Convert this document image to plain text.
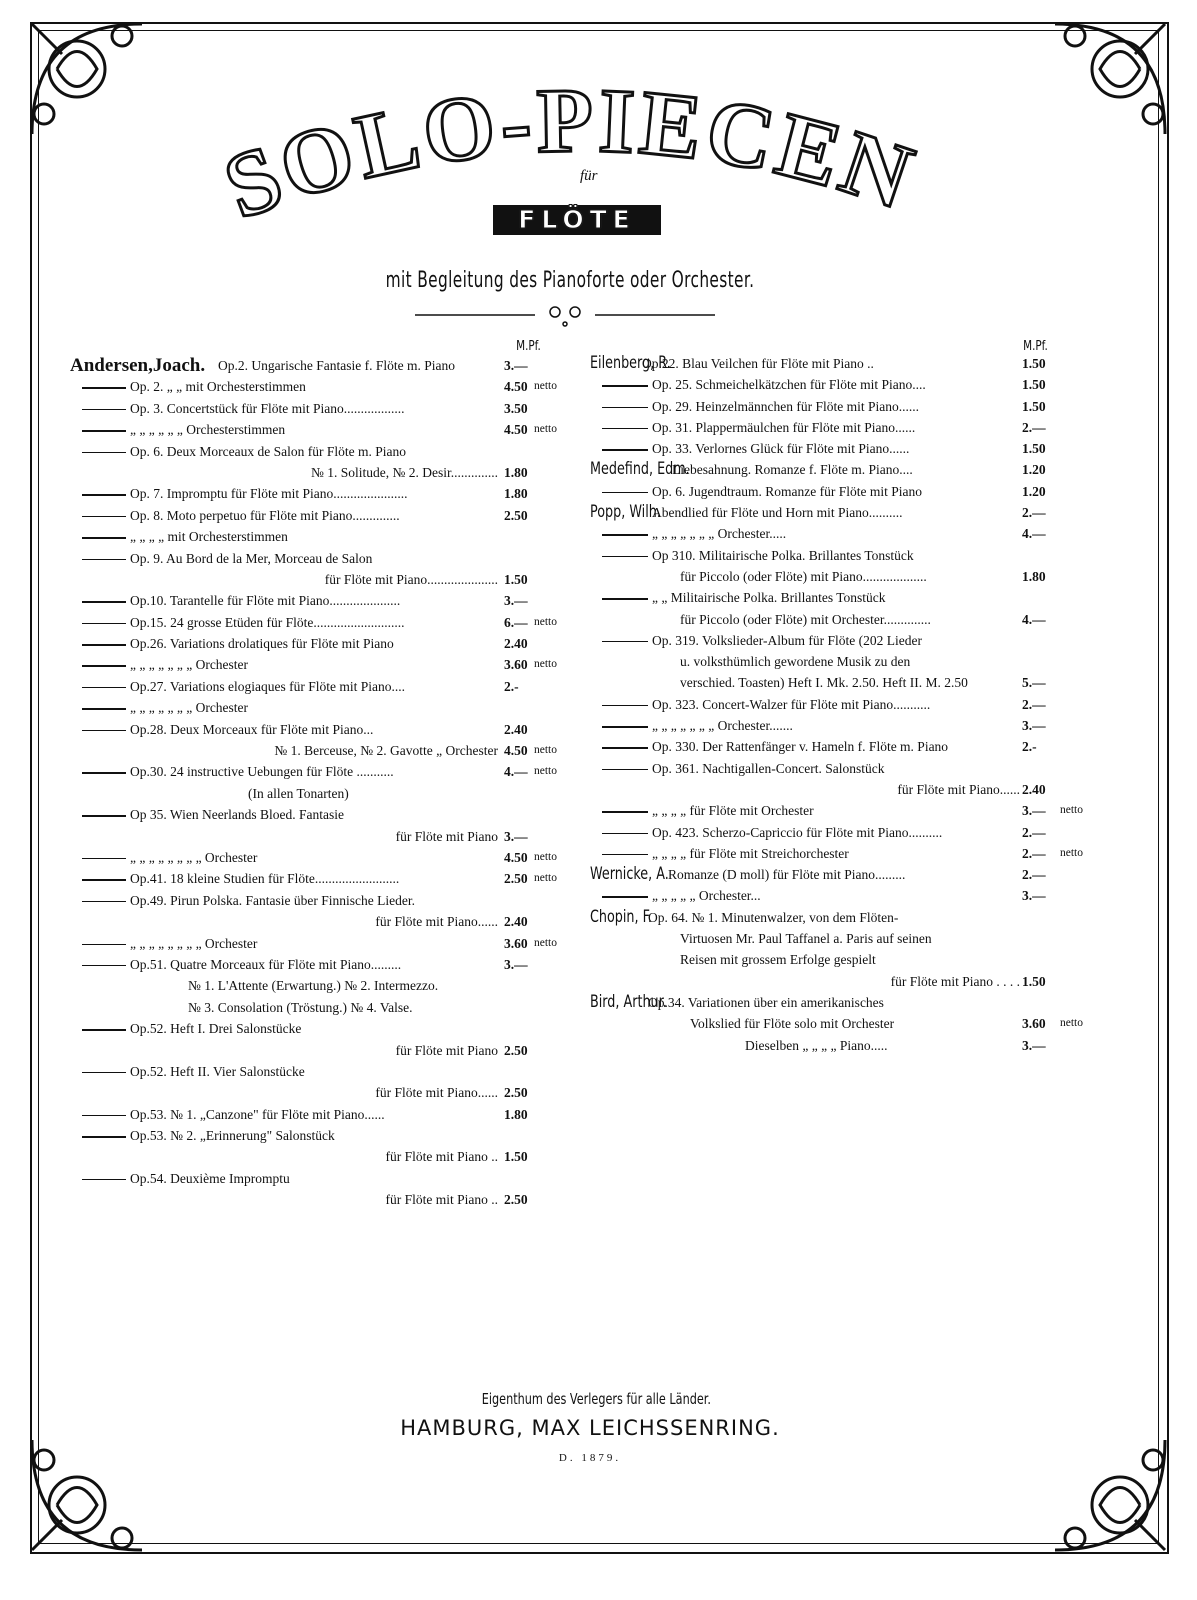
SOLO-PIECEN
für
FLÖTE
mit Begleitung des Pianoforte oder Orchester.
M.Pf.
Andersen,Joach. Op.2. Ungarische Fantasie f. Flöte m. Piano	3.—
Op. 2. „ „ mit Orchesterstimmen	4.50 netto
Op. 3. Concertstück für Flöte mit Piano..................	3.50
„ „ „ „ „ „ Orchesterstimmen	4.50 netto
Op. 6. Deux Morceaux de Salon für Flöte m. Piano
№ 1. Solitude, № 2. Desir.............. 1.80
Op. 7. Impromptu für Flöte mit Piano......................	1.80
Op. 8. Moto perpetuo für Flöte mit Piano..............	2.50
„ „ „ „ mit Orchesterstimmen
Op. 9. Au Bord de la Mer, Morceau de Salon
für Flöte mit Piano..................... 1.50
Op.10. Tarantelle für Flöte mit Piano.....................	3.—
Op.15. 24 grosse Etüden für Flöte...........................	6.— netto
Op.26. Variations drolatiques für Flöte mit Piano	2.40
„ „ „ „ „ „ „ Orchester	3.60 netto
Op.27. Variations elogiaques für Flöte mit Piano....	2.-
„ „ „ „ „ „ „ Orchester
Op.28. Deux Morceaux für Flöte mit Piano...	2.40
№ 1. Berceuse, № 2. Gavotte „ Orchester 4.50 netto
Op.30. 24 instructive Uebungen für Flöte ...........	4.— netto
(In allen Tonarten)
Op 35. Wien Neerlands Bloed. Fantasie
für Flöte mit Piano 3.—
„ „ „ „ „ „ „ „ Orchester	4.50 netto
Op.41. 18 kleine Studien für Flöte.........................	2.50 netto
Op.49. Pirun Polska. Fantasie über Finnische Lieder.
für Flöte mit Piano...... 2.40
„ „ „ „ „ „ „ „ Orchester	3.60 netto
Op.51. Quatre Morceaux für Flöte mit Piano.........	3.—
№ 1. L'Attente (Erwartung.) № 2. Intermezzo.
№ 3. Consolation (Tröstung.) № 4. Valse.
Op.52. Heft I. Drei Salonstücke
für Flöte mit Piano 2.50
Op.52. Heft II. Vier Salonstücke
für Flöte mit Piano...... 2.50
Op.53. № 1. „Canzone" für Flöte mit Piano......	1.80
Op.53. № 2. „Erinnerung" Salonstück
für Flöte mit Piano .. 1.50
Op.54. Deuxième Impromptu
für Flöte mit Piano .. 2.50
M.Pf.
Eilenberg, R.
Op.22. Blau Veilchen für Flöte mit Piano ..	1.50
Op. 25. Schmeichelkätzchen für Flöte mit Piano....	1.50
Op. 29. Heinzelmännchen für Flöte mit Piano......	1.50
Op. 31. Plappermäulchen für Flöte mit Piano......	2.—
Op. 33. Verlornes Glück für Flöte mit Piano......	1.50
Medefind, Edm.
Liebesahnung. Romanze f. Flöte m. Piano....	1.20
Op. 6. Jugendtraum. Romanze für Flöte mit Piano	1.20
Popp, Wilh.
Abendlied für Flöte und Horn mit Piano..........	2.—
„ „ „ „ „ „ „ Orchester.....	4.—
Op 310. Militairische Polka. Brillantes Tonstück
für Piccolo (oder Flöte) mit Piano...................	1.80
„ „ Militairische Polka. Brillantes Tonstück
für Piccolo (oder Flöte) mit Orchester..............	4.—
Op. 319. Volkslieder-Album für Flöte (202 Lieder
u. volksthümlich gewordene Musik zu den
verschied. Toasten) Heft I. Mk. 2.50. Heft II. M. 2.50	5.—
Op. 323. Concert-Walzer für Flöte mit Piano...........	2.—
„ „ „ „ „ „ „ Orchester.......	3.—
Op. 330. Der Rattenfänger v. Hameln f. Flöte m. Piano	2.-
Op. 361. Nachtigallen-Concert. Salonstück
für Flöte mit Piano...... 2.40
„ „ „ „ für Flöte mit Orchester	3.— netto
Op. 423. Scherzo-Capriccio für Flöte mit Piano..........	2.—
„ „ „ „ für Flöte mit Streichorchester	2.— netto
Wernicke, A. Romanze (D moll) für Flöte mit Piano.........	2.—
„ „ „ „ „ Orchester...	3.—
Chopin, F.
Op. 64. № 1. Minutenwalzer, von dem Flöten-
Virtuosen Mr. Paul Taffanel a. Paris auf seinen
Reisen mit grossem Erfolge gespielt
für Flöte mit Piano . . . . 1.50
Bird, Arthur.
Op.34. Variationen über ein amerikanisches
Volkslied für Flöte solo mit Orchester	3.60 netto
Dieselben „ „ „ „ Piano.....	3.—
Eigenthum des Verlegers für alle Länder.
HAMBURG, MAX LEICHSSENRING.
D. 1879.
